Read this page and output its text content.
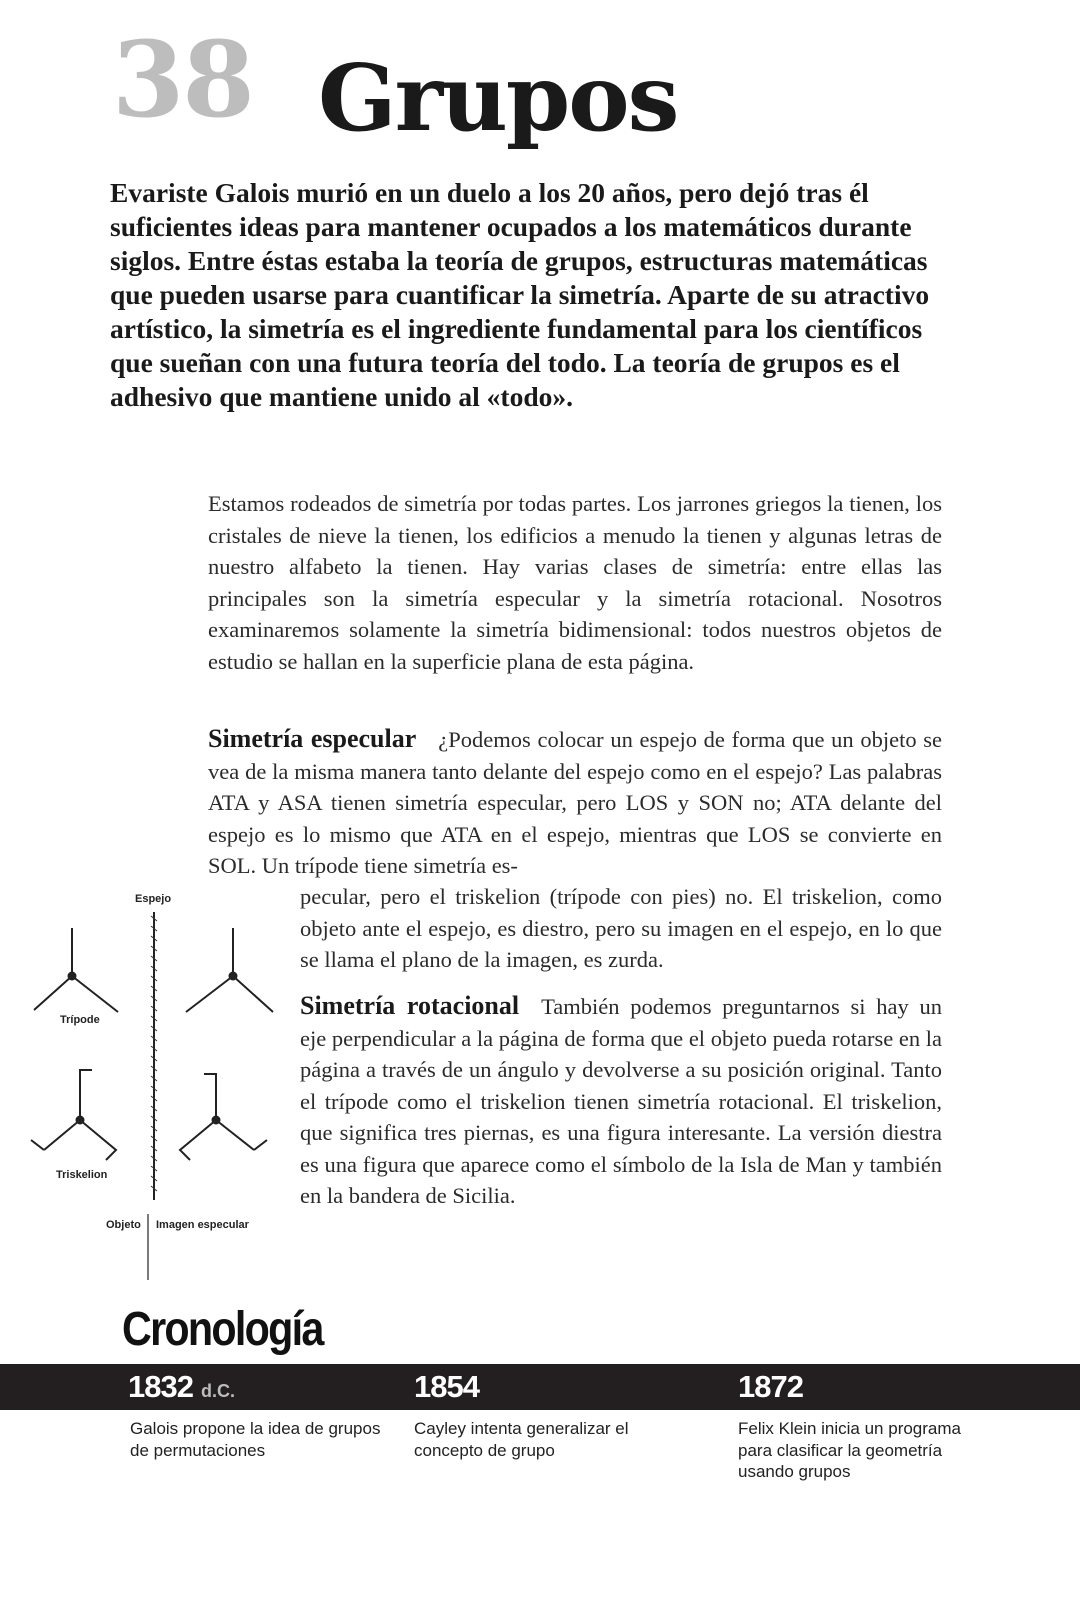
38 Grupos

Evariste Galois murió en un duelo a los 20 años, pero dejó tras él suficientes ideas para mantener ocupados a los matemáticos durante siglos. Entre éstas estaba la teoría de grupos, estructuras matemáticas que pueden usarse para cuantificar la simetría. Aparte de su atractivo artístico, la simetría es el ingrediente fundamental para los científicos que sueñan con una futura teoría del todo. La teoría de grupos es el adhesivo que mantiene unido al «todo».

Estamos rodeados de simetría por todas partes. Los jarrones griegos la tienen, los cristales de nieve la tienen, los edificios a menudo la tienen y algunas letras de nuestro alfabeto la tienen. Hay varias clases de simetría: entre ellas las principales son la simetría especular y la simetría rotacional. Nosotros examinaremos solamente la simetría bidimensional: todos nuestros objetos de estudio se hallan en la superficie plana de esta página.

Simetría especular ¿Podemos colocar un espejo de forma que un objeto se vea de la misma manera tanto delante del espejo como en el espejo? Las palabras ATA y ASA tienen simetría especular, pero LOS y SON no; ATA delante del espejo es lo mismo que ATA en el espejo, mientras que LOS se convierte en SOL. Un trípode tiene simetría es-

pecular, pero el triskelion (trípode con pies) no. El triskelion, como objeto ante el espejo, es diestro, pero su imagen en el espejo, en lo que se llama el plano de la imagen, es zurda.

Simetría rotacional También podemos preguntarnos si hay un eje perpendicular a la página de forma que el objeto pueda rotarse en la página a través de un ángulo y devolverse a su posición original. Tanto el trípode como el triskelion tienen simetría rotacional. El triskelion, que significa tres piernas, es una figura interesante. La versión diestra es una figura que aparece como el símbolo de la Isla de Man y también en la bandera de Sicilia.

Espejo
Trípode
Triskelion
Objeto Imagen especular
Cronología
1832 d.C.	1854	1872

Galois propone la idea de grupos de permutaciones

Cayley intenta generalizar el concepto de grupo

Felix Klein inicia un programa para clasificar la geometría usando grupos
